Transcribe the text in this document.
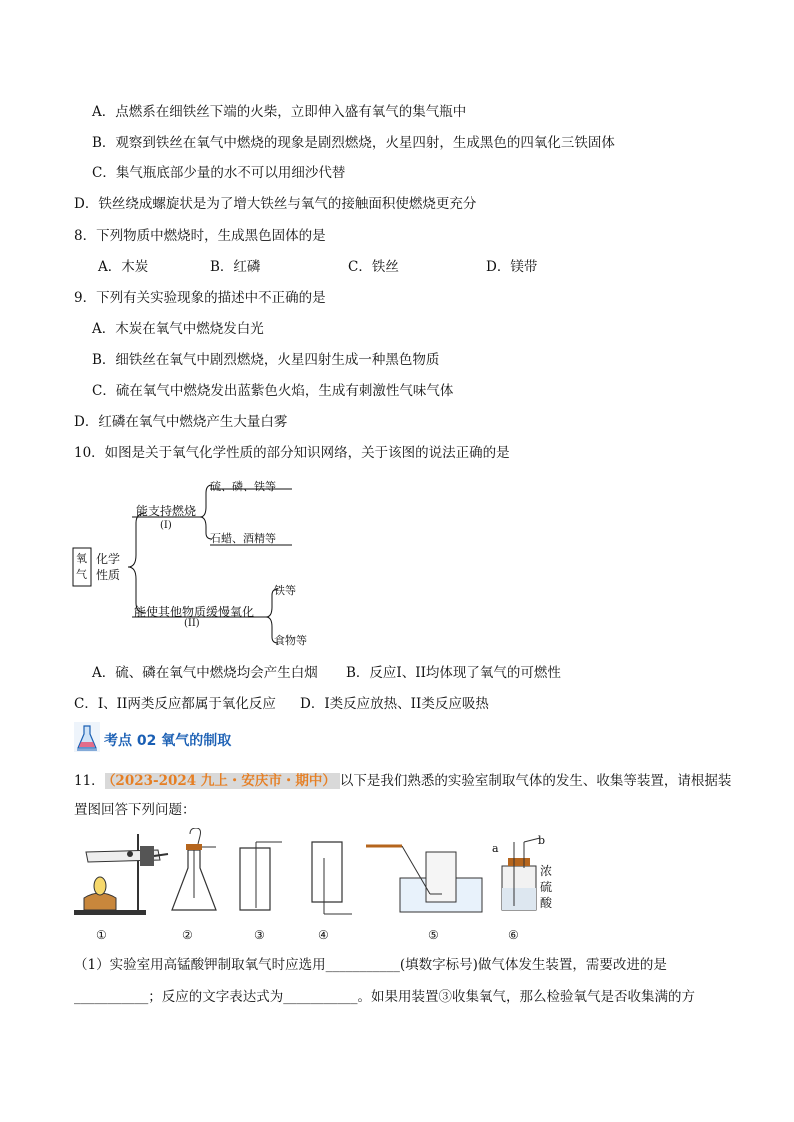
A．点燃系在细铁丝下端的火柴，立即伸入盛有氧气的集气瓶中
B．观察到铁丝在氧气中燃烧的现象是剧烈燃烧，火星四射，生成黑色的四氧化三铁固体
C．集气瓶底部少量的水不可以用细沙代替
D．铁丝绕成螺旋状是为了增大铁丝与氧气的接触面积使燃烧更充分
8．下列物质中燃烧时，生成黑色固体的是
A．木炭	B．红磷	C．铁丝	D．镁带
9．下列有关实验现象的描述中不正确的是
A．木炭在氧气中燃烧发白光
B．细铁丝在氧气中剧烈燃烧，火星四射生成一种黑色物质
C．硫在氧气中燃烧发出蓝紫色火焰，生成有刺激性气味气体
D．红磷在氧气中燃烧产生大量白雾
10．如图是关于氧气化学性质的部分知识网络，关于该图的说法正确的是
氧
气
化学
性质
能支持燃烧
(I)
硫、磷、铁等
石蜡、酒精等
能使其他物质缓慢氧化
(II)
铁等
食物等
A．硫、磷在氧气中燃烧均会产生白烟 B．反应I、II均体现了氧气的可燃性
C．I、II两类反应都属于氧化反应 D．I类反应放热、II类反应吸热
考点 02 氧气的制取
11． （2023-2024 九上・安庆市・期中） 以下是我们熟悉的实验室制取气体的发生、收集等装置，请根据装
置图回答下列问题：
a
b
浓
硫
酸
①	②	③	④	⑤	⑥
（1）实验室用高锰酸钾制取氧气时应选用___________(填数字标号)做气体发生装置，需要改进的是
___________；反应的文字表达式为___________。如果用装置③收集氧气，那么检验氧气是否收集满的方
